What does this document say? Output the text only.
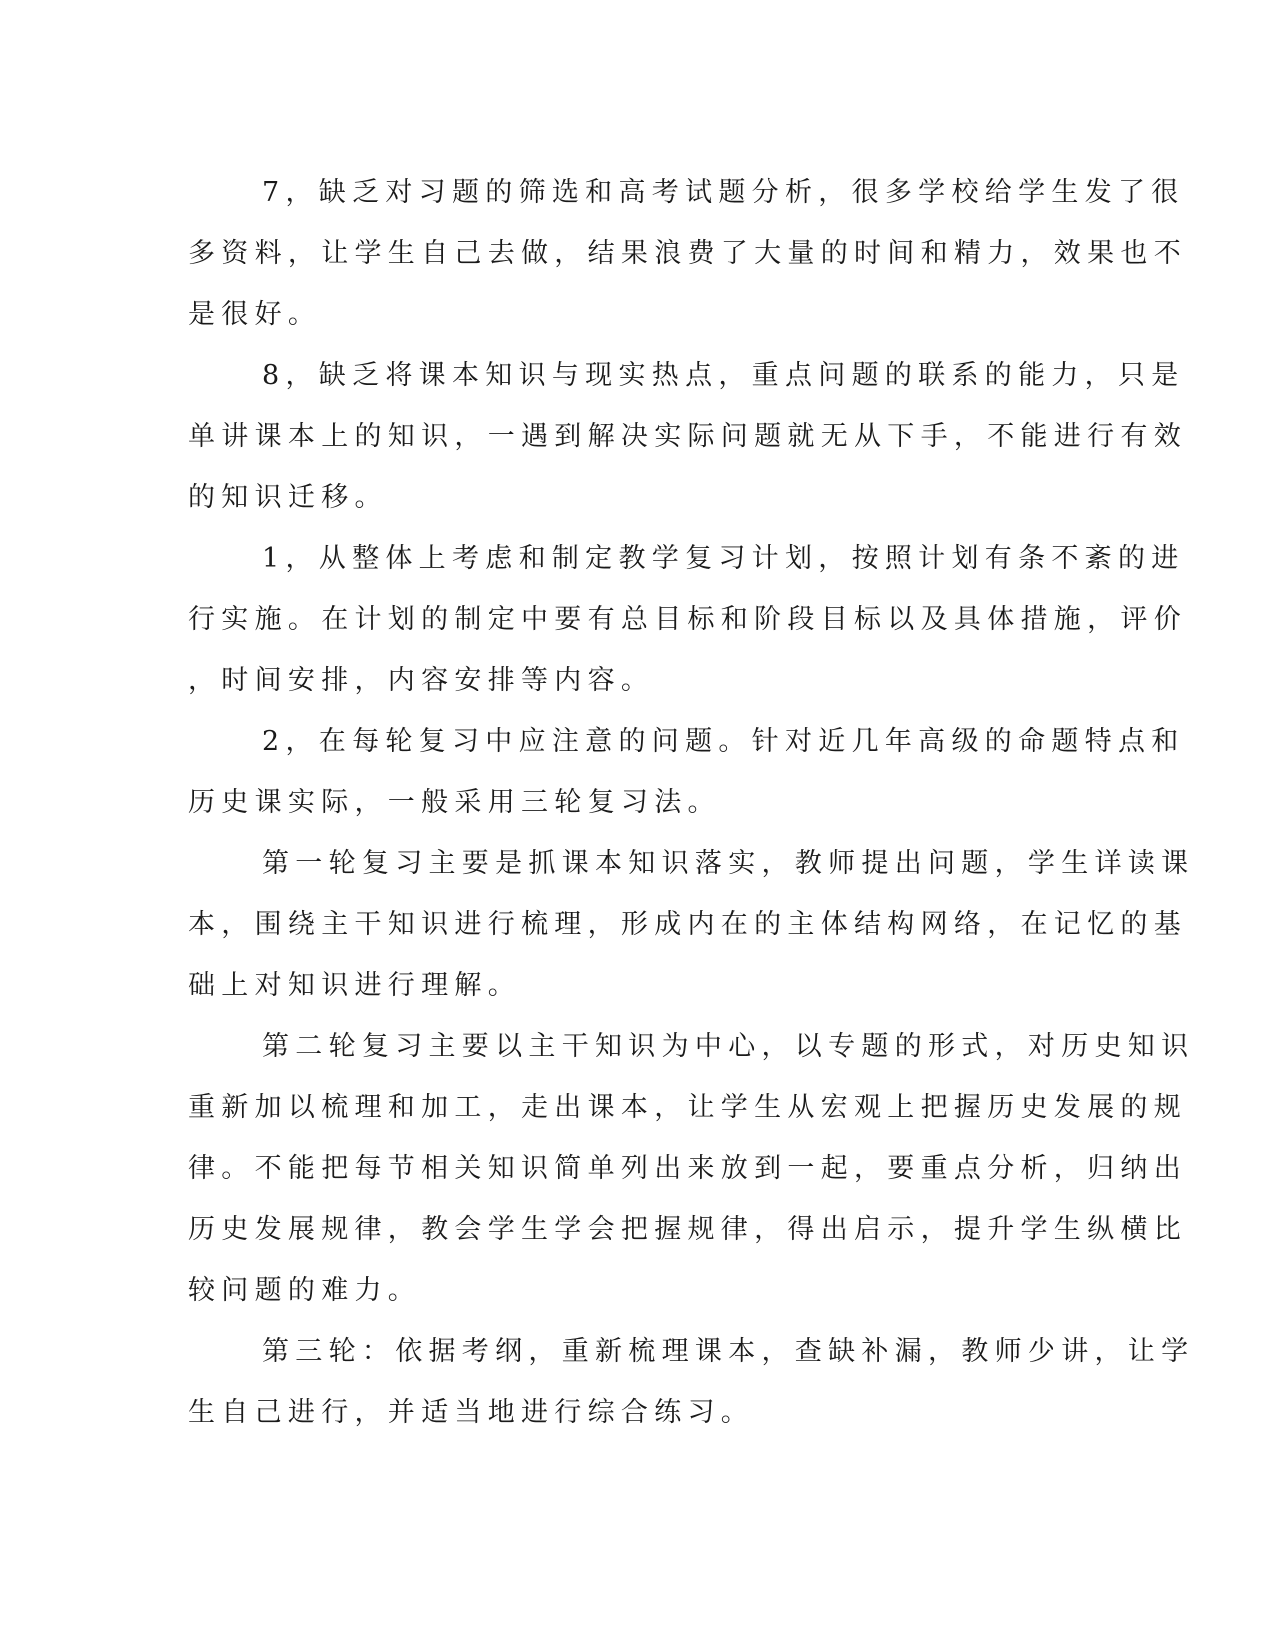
7，缺乏对习题的筛选和高考试题分析，很多学校给学生发了很
多资料，让学生自己去做，结果浪费了大量的时间和精力，效果也不
是很好。

8，缺乏将课本知识与现实热点，重点问题的联系的能力，只是
单讲课本上的知识，一遇到解决实际问题就无从下手，不能进行有效
的知识迁移。

1，从整体上考虑和制定教学复习计划，按照计划有条不紊的进
行实施。在计划的制定中要有总目标和阶段目标以及具体措施，评价
，时间安排，内容安排等内容。

2，在每轮复习中应注意的问题。针对近几年高级的命题特点和
历史课实际，一般采用三轮复习法。

第一轮复习主要是抓课本知识落实，教师提出问题，学生详读课
本，围绕主干知识进行梳理，形成内在的主体结构网络，在记忆的基
础上对知识进行理解。

第二轮复习主要以主干知识为中心，以专题的形式，对历史知识
重新加以梳理和加工，走出课本，让学生从宏观上把握历史发展的规
律。不能把每节相关知识简单列出来放到一起，要重点分析，归纳出
历史发展规律，教会学生学会把握规律，得出启示，提升学生纵横比
较问题的难力。

第三轮：依据考纲，重新梳理课本，查缺补漏，教师少讲，让学
生自己进行，并适当地进行综合练习。
